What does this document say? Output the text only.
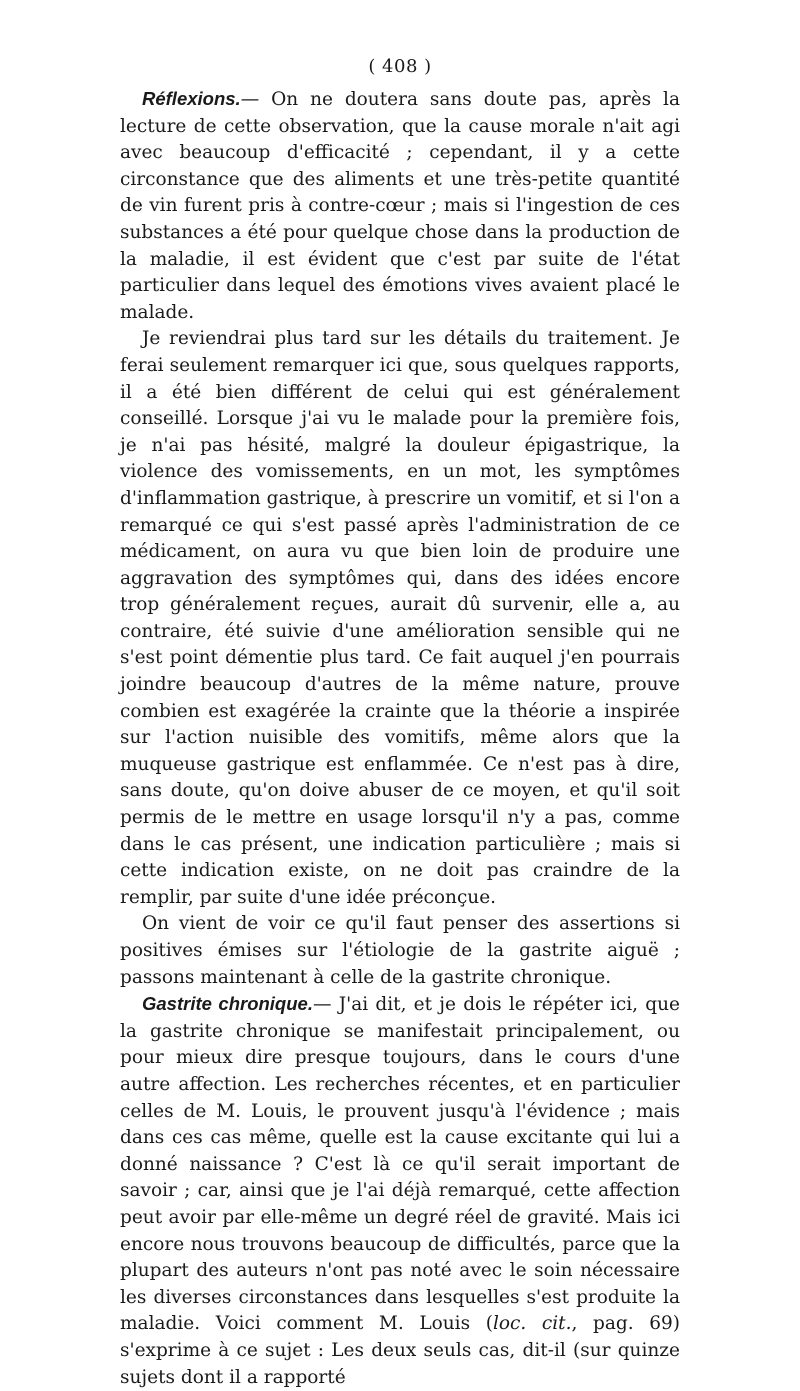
( 408 )

Réflexions.— On ne doutera sans doute pas, après la lecture de cette observation, que la cause morale n'ait agi avec beaucoup d'efficacité ; cependant, il y a cette circonstance que des aliments et une très-petite quantité de vin furent pris à contre-cœur ; mais si l'ingestion de ces substances a été pour quelque chose dans la production de la maladie, il est évident que c'est par suite de l'état particulier dans lequel des émotions vives avaient placé le malade.

Je reviendrai plus tard sur les détails du traitement. Je ferai seulement remarquer ici que, sous quelques rapports, il a été bien différent de celui qui est généralement conseillé. Lorsque j'ai vu le malade pour la première fois, je n'ai pas hésité, malgré la douleur épigastrique, la violence des vomissements, en un mot, les symptômes d'inflammation gastrique, à prescrire un vomitif, et si l'on a remarqué ce qui s'est passé après l'administration de ce médicament, on aura vu que bien loin de produire une aggravation des symptômes qui, dans des idées encore trop généralement reçues, aurait dû survenir, elle a, au contraire, été suivie d'une amélioration sensible qui ne s'est point démentie plus tard. Ce fait auquel j'en pourrais joindre beaucoup d'autres de la même nature, prouve combien est exagérée la crainte que la théorie a inspirée sur l'action nuisible des vomitifs, même alors que la muqueuse gastrique est enflammée. Ce n'est pas à dire, sans doute, qu'on doive abuser de ce moyen, et qu'il soit permis de le mettre en usage lorsqu'il n'y a pas, comme dans le cas présent, une indication particulière ; mais si cette indication existe, on ne doit pas craindre de la remplir, par suite d'une idée préconçue.

On vient de voir ce qu'il faut penser des assertions si positives émises sur l'étiologie de la gastrite aiguë ; passons maintenant à celle de la gastrite chronique.

Gastrite chronique.— J'ai dit, et je dois le répéter ici, que la gastrite chronique se manifestait principalement, ou pour mieux dire presque toujours, dans le cours d'une autre affection. Les recherches récentes, et en particulier celles de M. Louis, le prouvent jusqu'à l'évidence ; mais dans ces cas même, quelle est la cause excitante qui lui a donné naissance ? C'est là ce qu'il serait important de savoir ; car, ainsi que je l'ai déjà remarqué, cette affection peut avoir par elle-même un degré réel de gravité. Mais ici encore nous trouvons beaucoup de difficultés, parce que la plupart des auteurs n'ont pas noté avec le soin nécessaire les diverses circonstances dans lesquelles s'est produite la maladie. Voici comment M. Louis (loc. cit., pag. 69) s'exprime à ce sujet : Les deux seuls cas, dit-il (sur quinze sujets dont il a rapporté
